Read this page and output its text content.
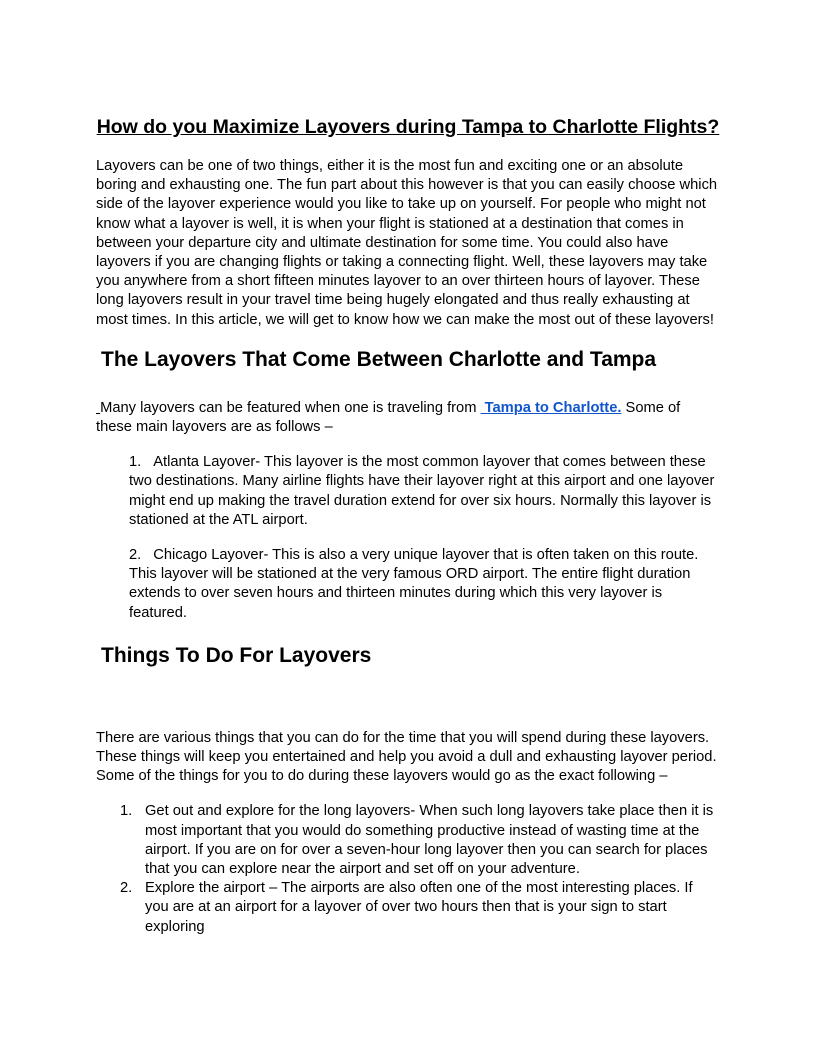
How do you Maximize Layovers during Tampa to Charlotte Flights?

Layovers can be one of two things, either it is the most fun and exciting one or an absolute boring and exhausting one. The fun part about this however is that you can easily choose which side of the layover experience would you like to take up on yourself. For people who might not know what a layover is well, it is when your flight is stationed at a destination that comes in between your departure city and ultimate destination for some time. You could also have layovers if you are changing flights or taking a connecting flight. Well, these layovers may take you anywhere from a short fifteen minutes layover to an over thirteen hours of layover. These long layovers result in your travel time being hugely elongated and thus really exhausting at most times. In this article, we will get to know how we can make the most out of these layovers!

The Layovers That Come Between Charlotte and Tampa

Many layovers can be featured when one is traveling from  Tampa to Charlotte. Some of these main layovers are as follows –

1. Atlanta Layover- This layover is the most common layover that comes between these two destinations. Many airline flights have their layover right at this airport and one layover might end up making the travel duration extend for over six hours. Normally this layover is stationed at the ATL airport.
2. Chicago Layover- This is also a very unique layover that is often taken on this route. This layover will be stationed at the very famous ORD airport. The entire flight duration extends to over seven hours and thirteen minutes during which this very layover is featured.
Things To Do For Layovers

There are various things that you can do for the time that you will spend during these layovers. These things will keep you entertained and help you avoid a dull and exhausting layover period. Some of the things for you to do during these layovers would go as the exact following –

Get out and explore for the long layovers- When such long layovers take place then it is most important that you would do something productive instead of wasting time at the airport. If you are on for over a seven-hour long layover then you can search for places that you can explore near the airport and set off on your adventure.
Explore the airport – The airports are also often one of the most interesting places. If you are at an airport for a layover of over two hours then that is your sign to start exploring
